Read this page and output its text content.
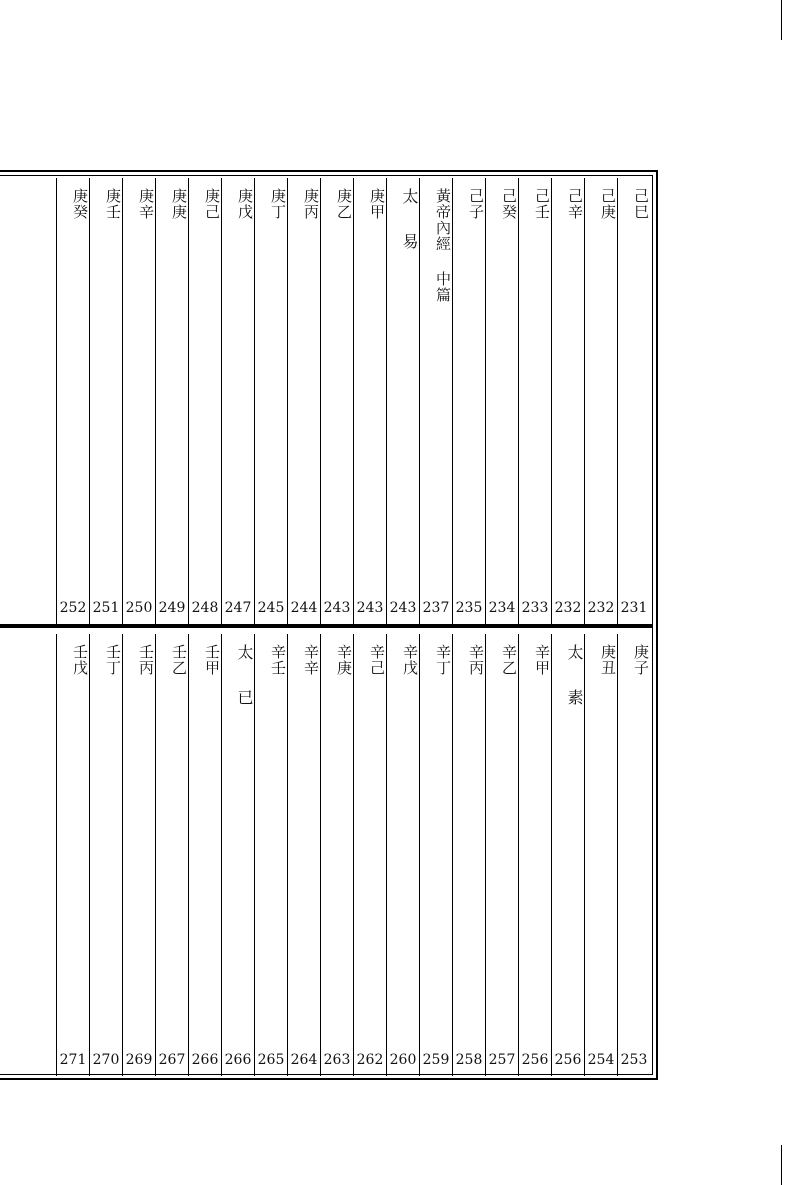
己巳
231
己庚
232
己辛
232
己壬
233
己癸
234
己子
235
黃帝內經 中篇
237
太 易
243
庚甲
243
庚乙
243
庚丙
244
庚丁
245
庚戊
247
庚己
248
庚庚
249
庚辛
250
庚壬
251
庚癸
252
庚子
253
庚丑
254
太 素
256
辛甲
256
辛乙
257
辛丙
258
辛丁
259
辛戊
260
辛己
262
辛庚
263
辛辛
264
辛壬
265
太 已
266
壬甲
266
壬乙
267
壬丙
269
壬丁
270
壬戊
271
